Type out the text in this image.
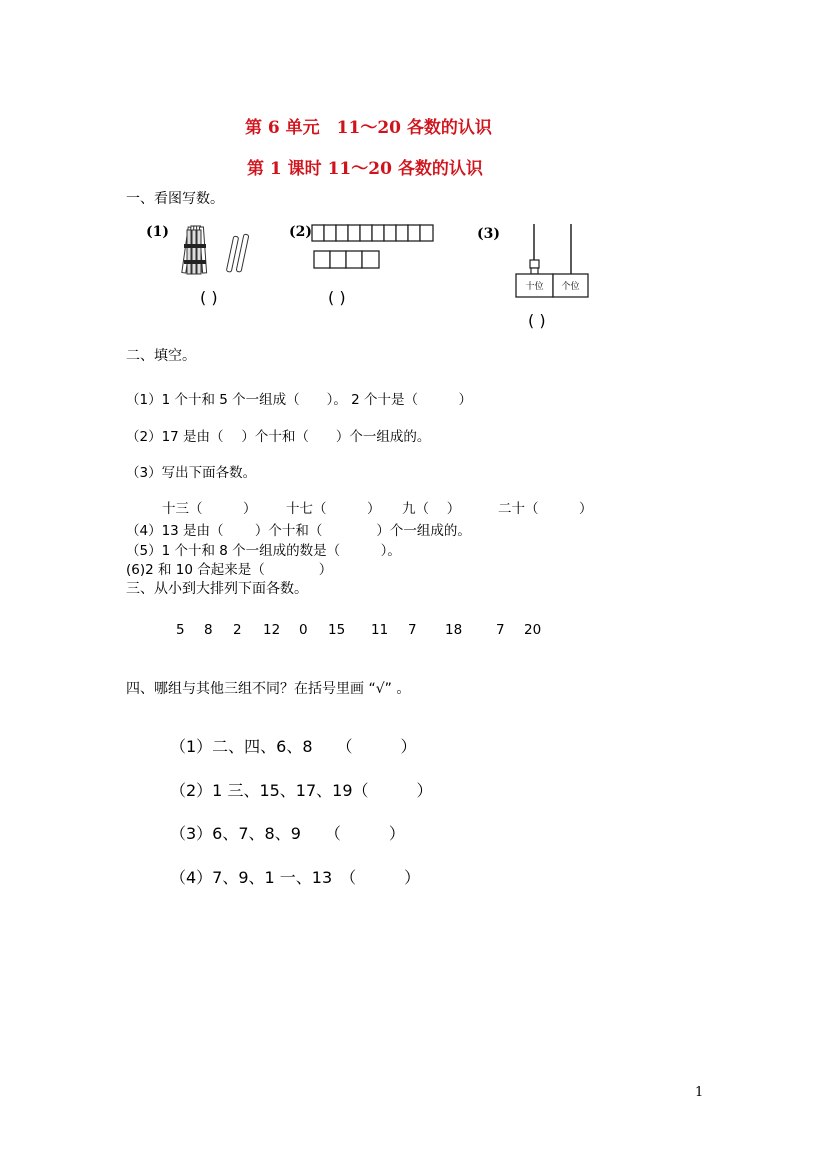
第 6 单元　11～20 各数的认识
第 1 课时 11～20 各数的认识
一、看图写数。
(1)	(2)	(3)
十位 个位
( )	( )
( )
二、填空。
（1）1 个十和 5 个一组成（　　）。 2 个十是（　　　）
（2）17 是由（　 ）个十和（　　）个一组成的。
（3）写出下面各数。
十三（　　　） 十七（　　　） 九（　 ）	二十（　　　）
（4）13 是由（　　 ）个十和（　　　　）个一组成的。
（5）1 个十和 8 个一组成的数是（　　　）。
(6)2 和 10 合起来是（　　　　）
三、从小到大排列下面各数。
5 8 2 12 0 15 11 7 18	7 20
四、哪组与其他三组不同？在括号里画 “√” 。
（1）二、四、6、8　　（　　　）
（2）1 三、15、17、19（　　　）
（3）6、7、8、9　　（　　　）
（4）7、9、1 一、13　（　　　）
1
